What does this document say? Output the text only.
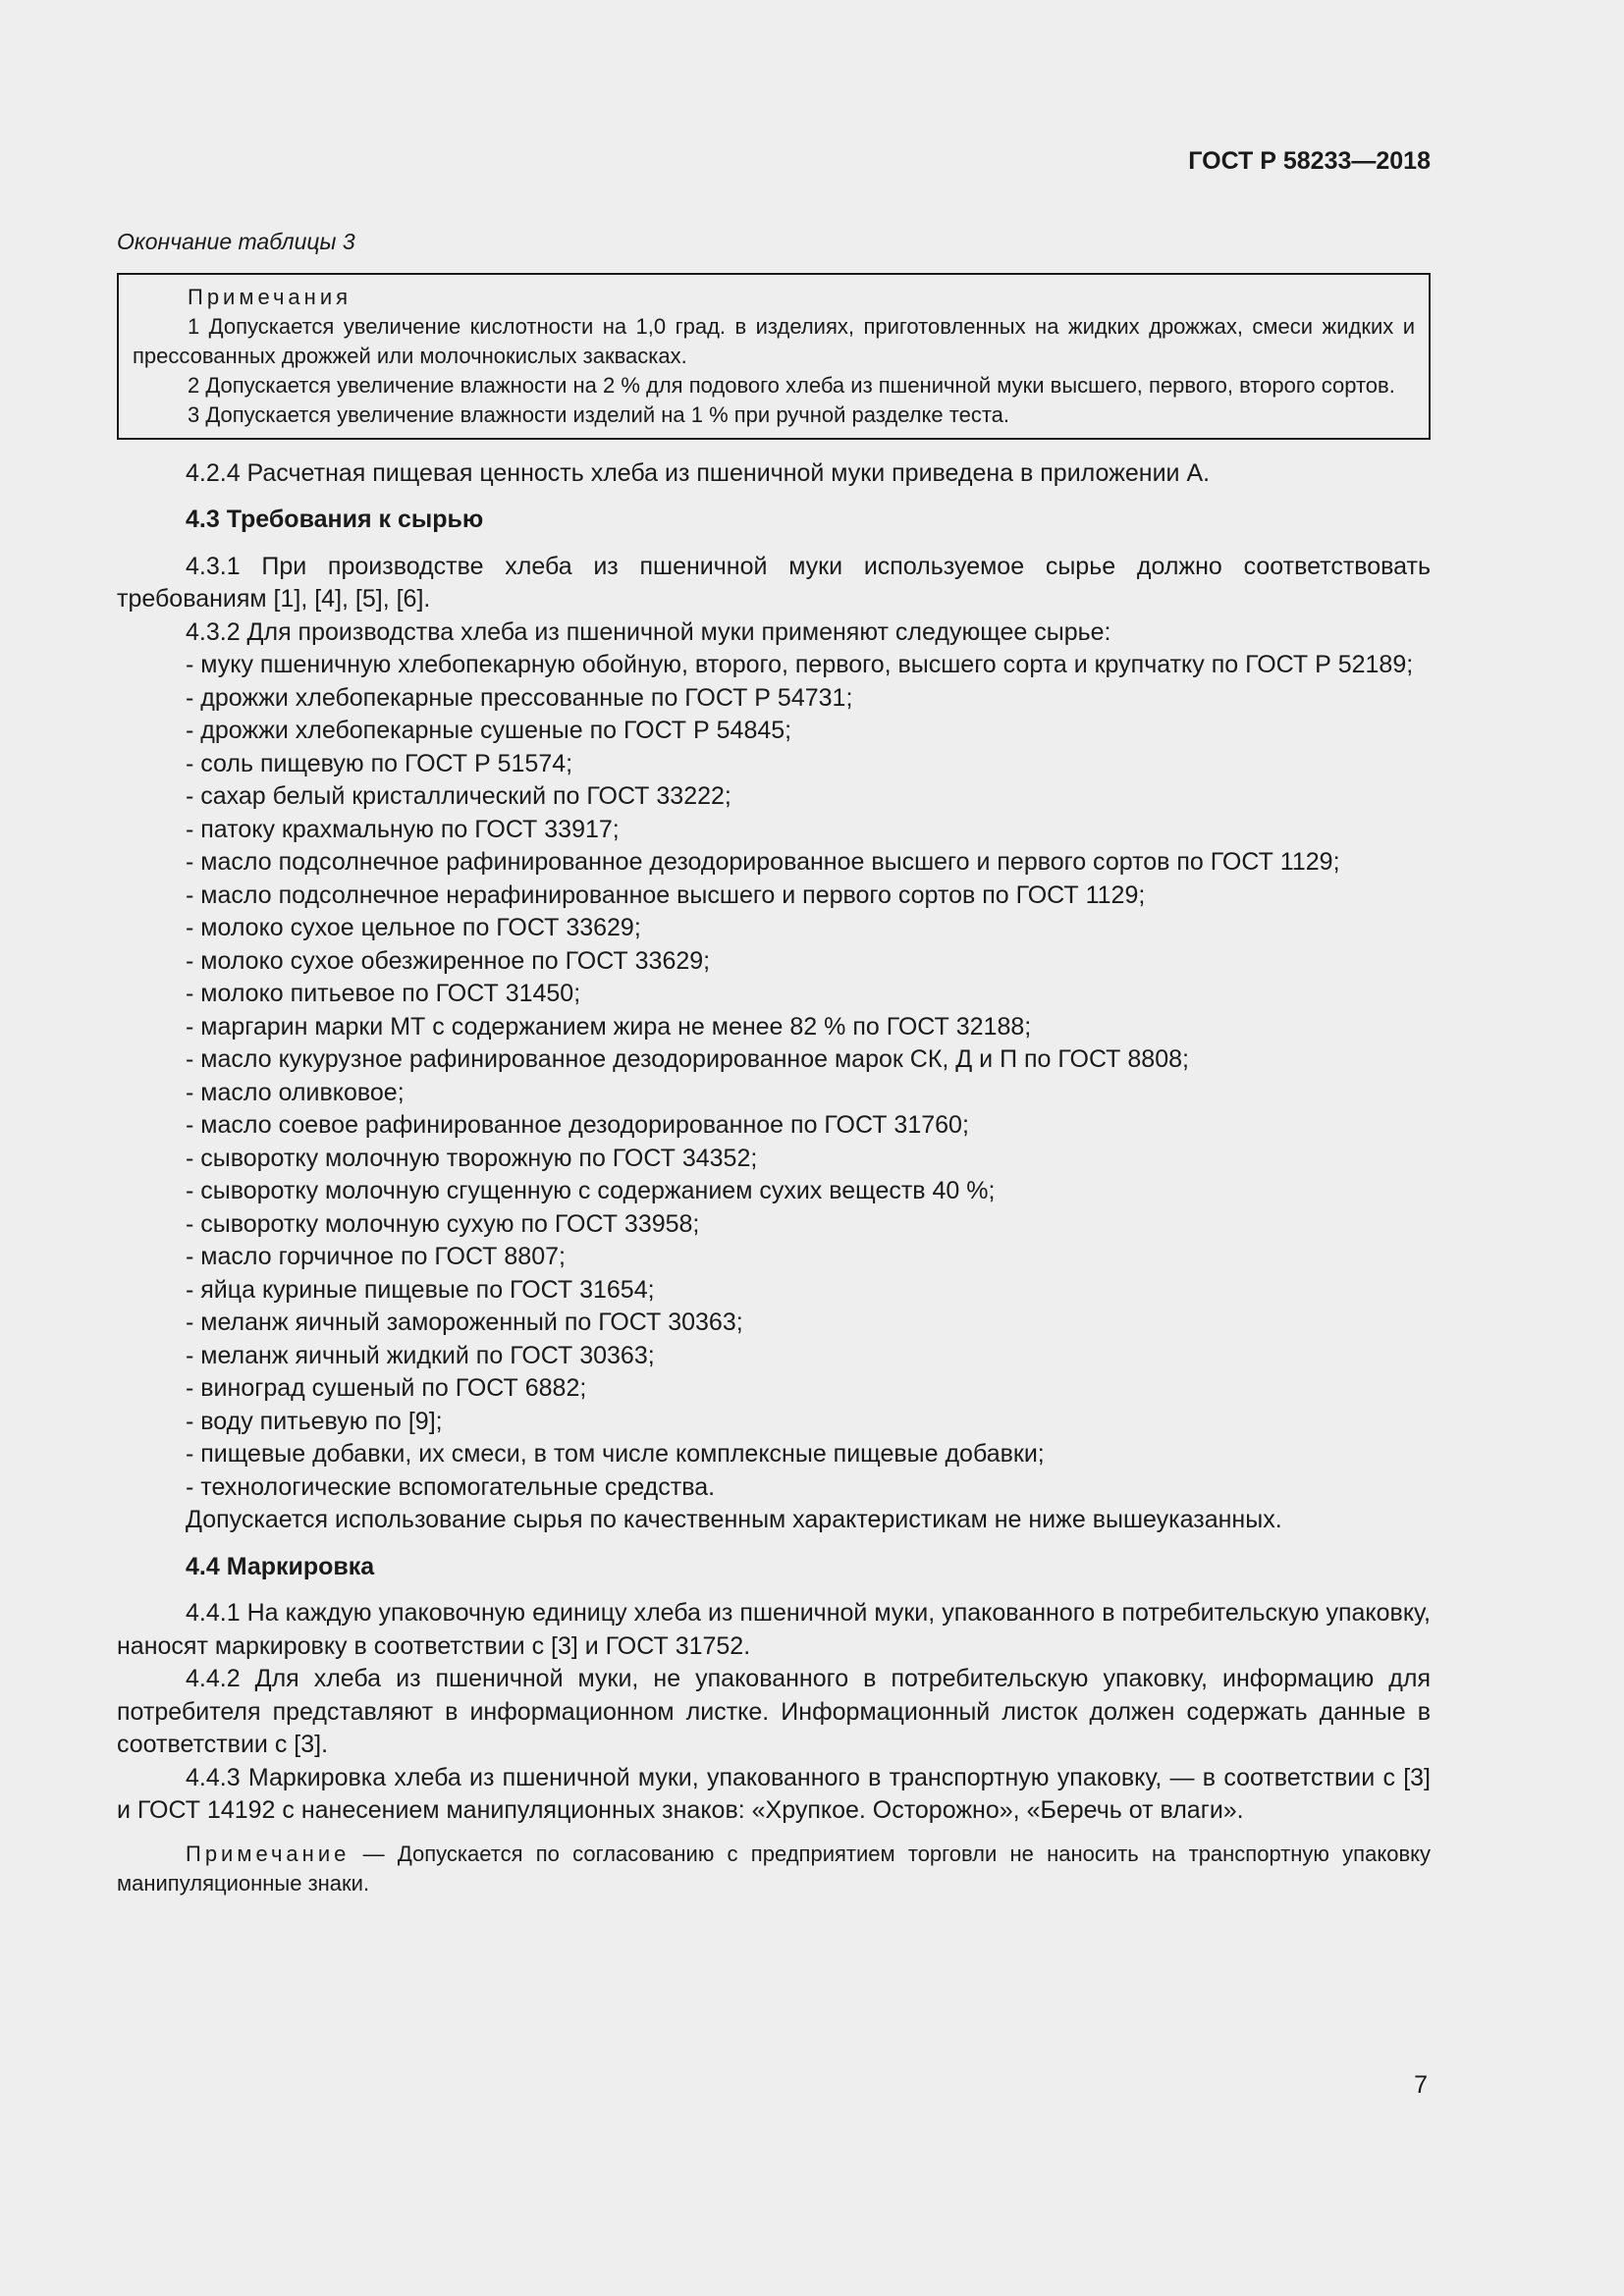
ГОСТ Р 58233—2018
Окончание таблицы 3

Примечания

1 Допускается увеличение кислотности на 1,0 град. в изделиях, приготовленных на жидких дрожжах, смеси жидких и прессованных дрожжей или молочнокислых заквасках.

2 Допускается увеличение влажности на 2 % для подового хлеба из пшеничной муки высшего, первого, второго сортов.

3 Допускается увеличение влажности изделий на 1 % при ручной разделке теста.

4.2.4 Расчетная пищевая ценность хлеба из пшеничной муки приведена в приложении А.

4.3 Требования к сырью

4.3.1 При производстве хлеба из пшеничной муки используемое сырье должно соответствовать требованиям [1], [4], [5], [6].

4.3.2 Для производства хлеба из пшеничной муки применяют следующее сырье:

- муку пшеничную хлебопекарную обойную, второго, первого, высшего сорта и крупчатку по ГОСТ Р 52189;
- дрожжи хлебопекарные прессованные по ГОСТ Р 54731;
- дрожжи хлебопекарные сушеные по ГОСТ Р 54845;
- соль пищевую по ГОСТ Р 51574;
- сахар белый кристаллический по ГОСТ 33222;
- патоку крахмальную по ГОСТ 33917;
- масло подсолнечное рафинированное дезодорированное высшего и первого сортов по ГОСТ 1129;
- масло подсолнечное нерафинированное высшего и первого сортов по ГОСТ 1129;
- молоко сухое цельное по ГОСТ 33629;
- молоко сухое обезжиренное по ГОСТ 33629;
- молоко питьевое по ГОСТ 31450;
- маргарин марки МТ с содержанием жира не менее 82 % по ГОСТ 32188;
- масло кукурузное рафинированное дезодорированное марок СК, Д и П по ГОСТ 8808;
- масло оливковое;
- масло соевое рафинированное дезодорированное по ГОСТ 31760;
- сыворотку молочную творожную по ГОСТ 34352;
- сыворотку молочную сгущенную с содержанием сухих веществ 40 %;
- сыворотку молочную сухую по ГОСТ 33958;
- масло горчичное по ГОСТ 8807;
- яйца куриные пищевые по ГОСТ 31654;
- меланж яичный замороженный по ГОСТ 30363;
- меланж яичный жидкий по ГОСТ 30363;
- виноград сушеный по ГОСТ 6882;
- воду питьевую по [9];
- пищевые добавки, их смеси, в том числе комплексные пищевые добавки;
- технологические вспомогательные средства.

Допускается использование сырья по качественным характеристикам не ниже вышеуказанных.

4.4 Маркировка

4.4.1 На каждую упаковочную единицу хлеба из пшеничной муки, упакованного в потребительскую упаковку, наносят маркировку в соответствии с [3] и ГОСТ 31752.

4.4.2 Для хлеба из пшеничной муки, не упакованного в потребительскую упаковку, информацию для потребителя представляют в информационном листке. Информационный листок должен содержать данные в соответствии с [3].

4.4.3 Маркировка хлеба из пшеничной муки, упакованного в транспортную упаковку, — в соответствии с [3] и ГОСТ 14192 с нанесением манипуляционных знаков: «Хрупкое. Осторожно», «Беречь от влаги».

Примечание — Допускается по согласованию с предприятием торговли не наносить на транспортную упаковку манипуляционные знаки.

7
